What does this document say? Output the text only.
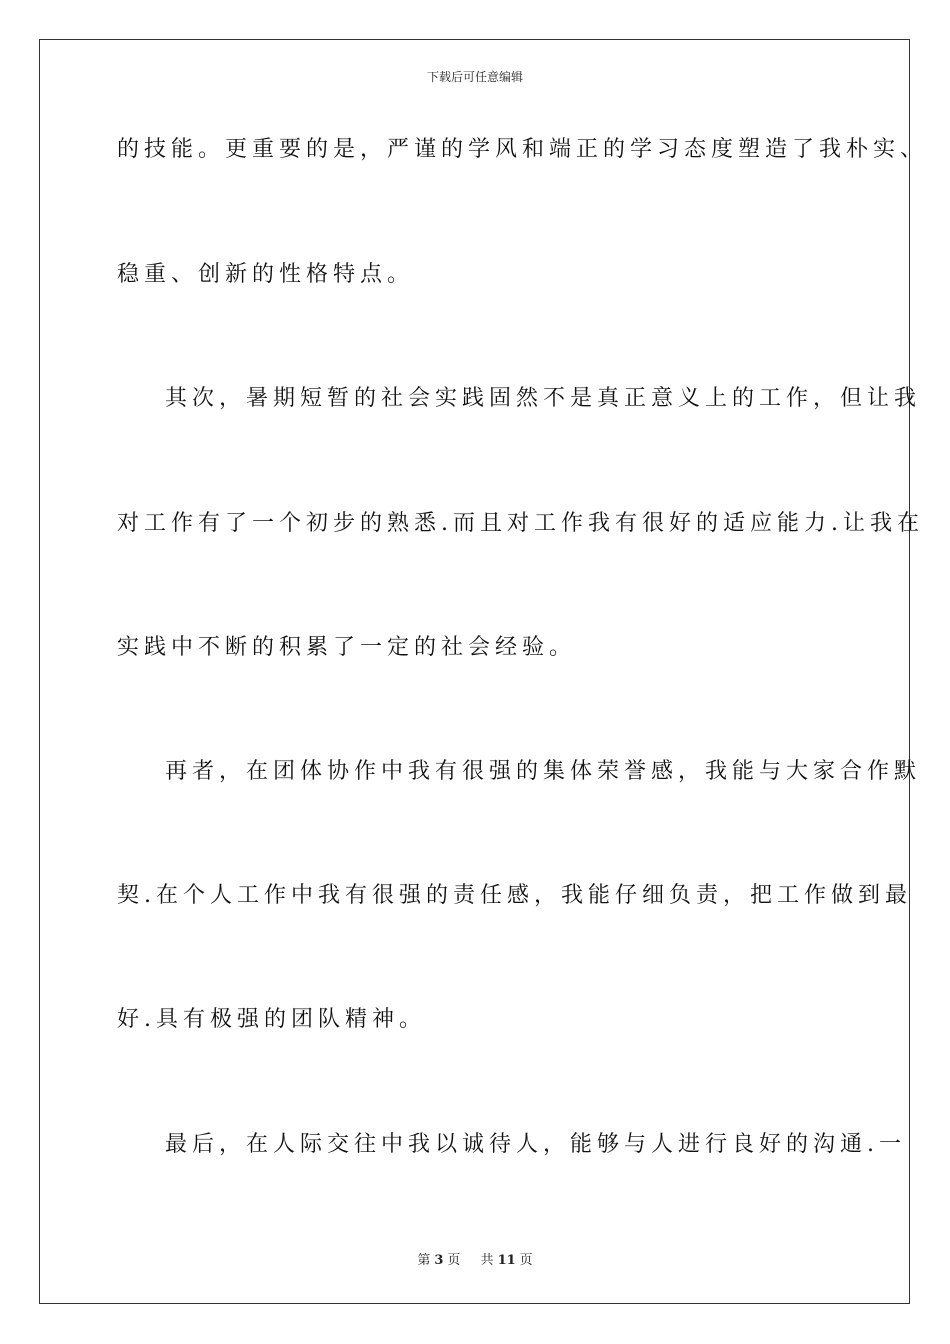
下载后可任意编辑
的技能。更重要的是，严谨的学风和端正的学习态度塑造了我朴实、
稳重、创新的性格特点。
其次，暑期短暂的社会实践固然不是真正意义上的工作，但让我
对工作有了一个初步的熟悉.而且对工作我有很好的适应能力.让我在
实践中不断的积累了一定的社会经验。
再者，在团体协作中我有很强的集体荣誉感，我能与大家合作默
契.在个人工作中我有很强的责任感，我能仔细负责，把工作做到最
好.具有极强的团队精神。
最后，在人际交往中我以诚待人，能够与人进行良好的沟通.一
第 3 页 共 11 页
